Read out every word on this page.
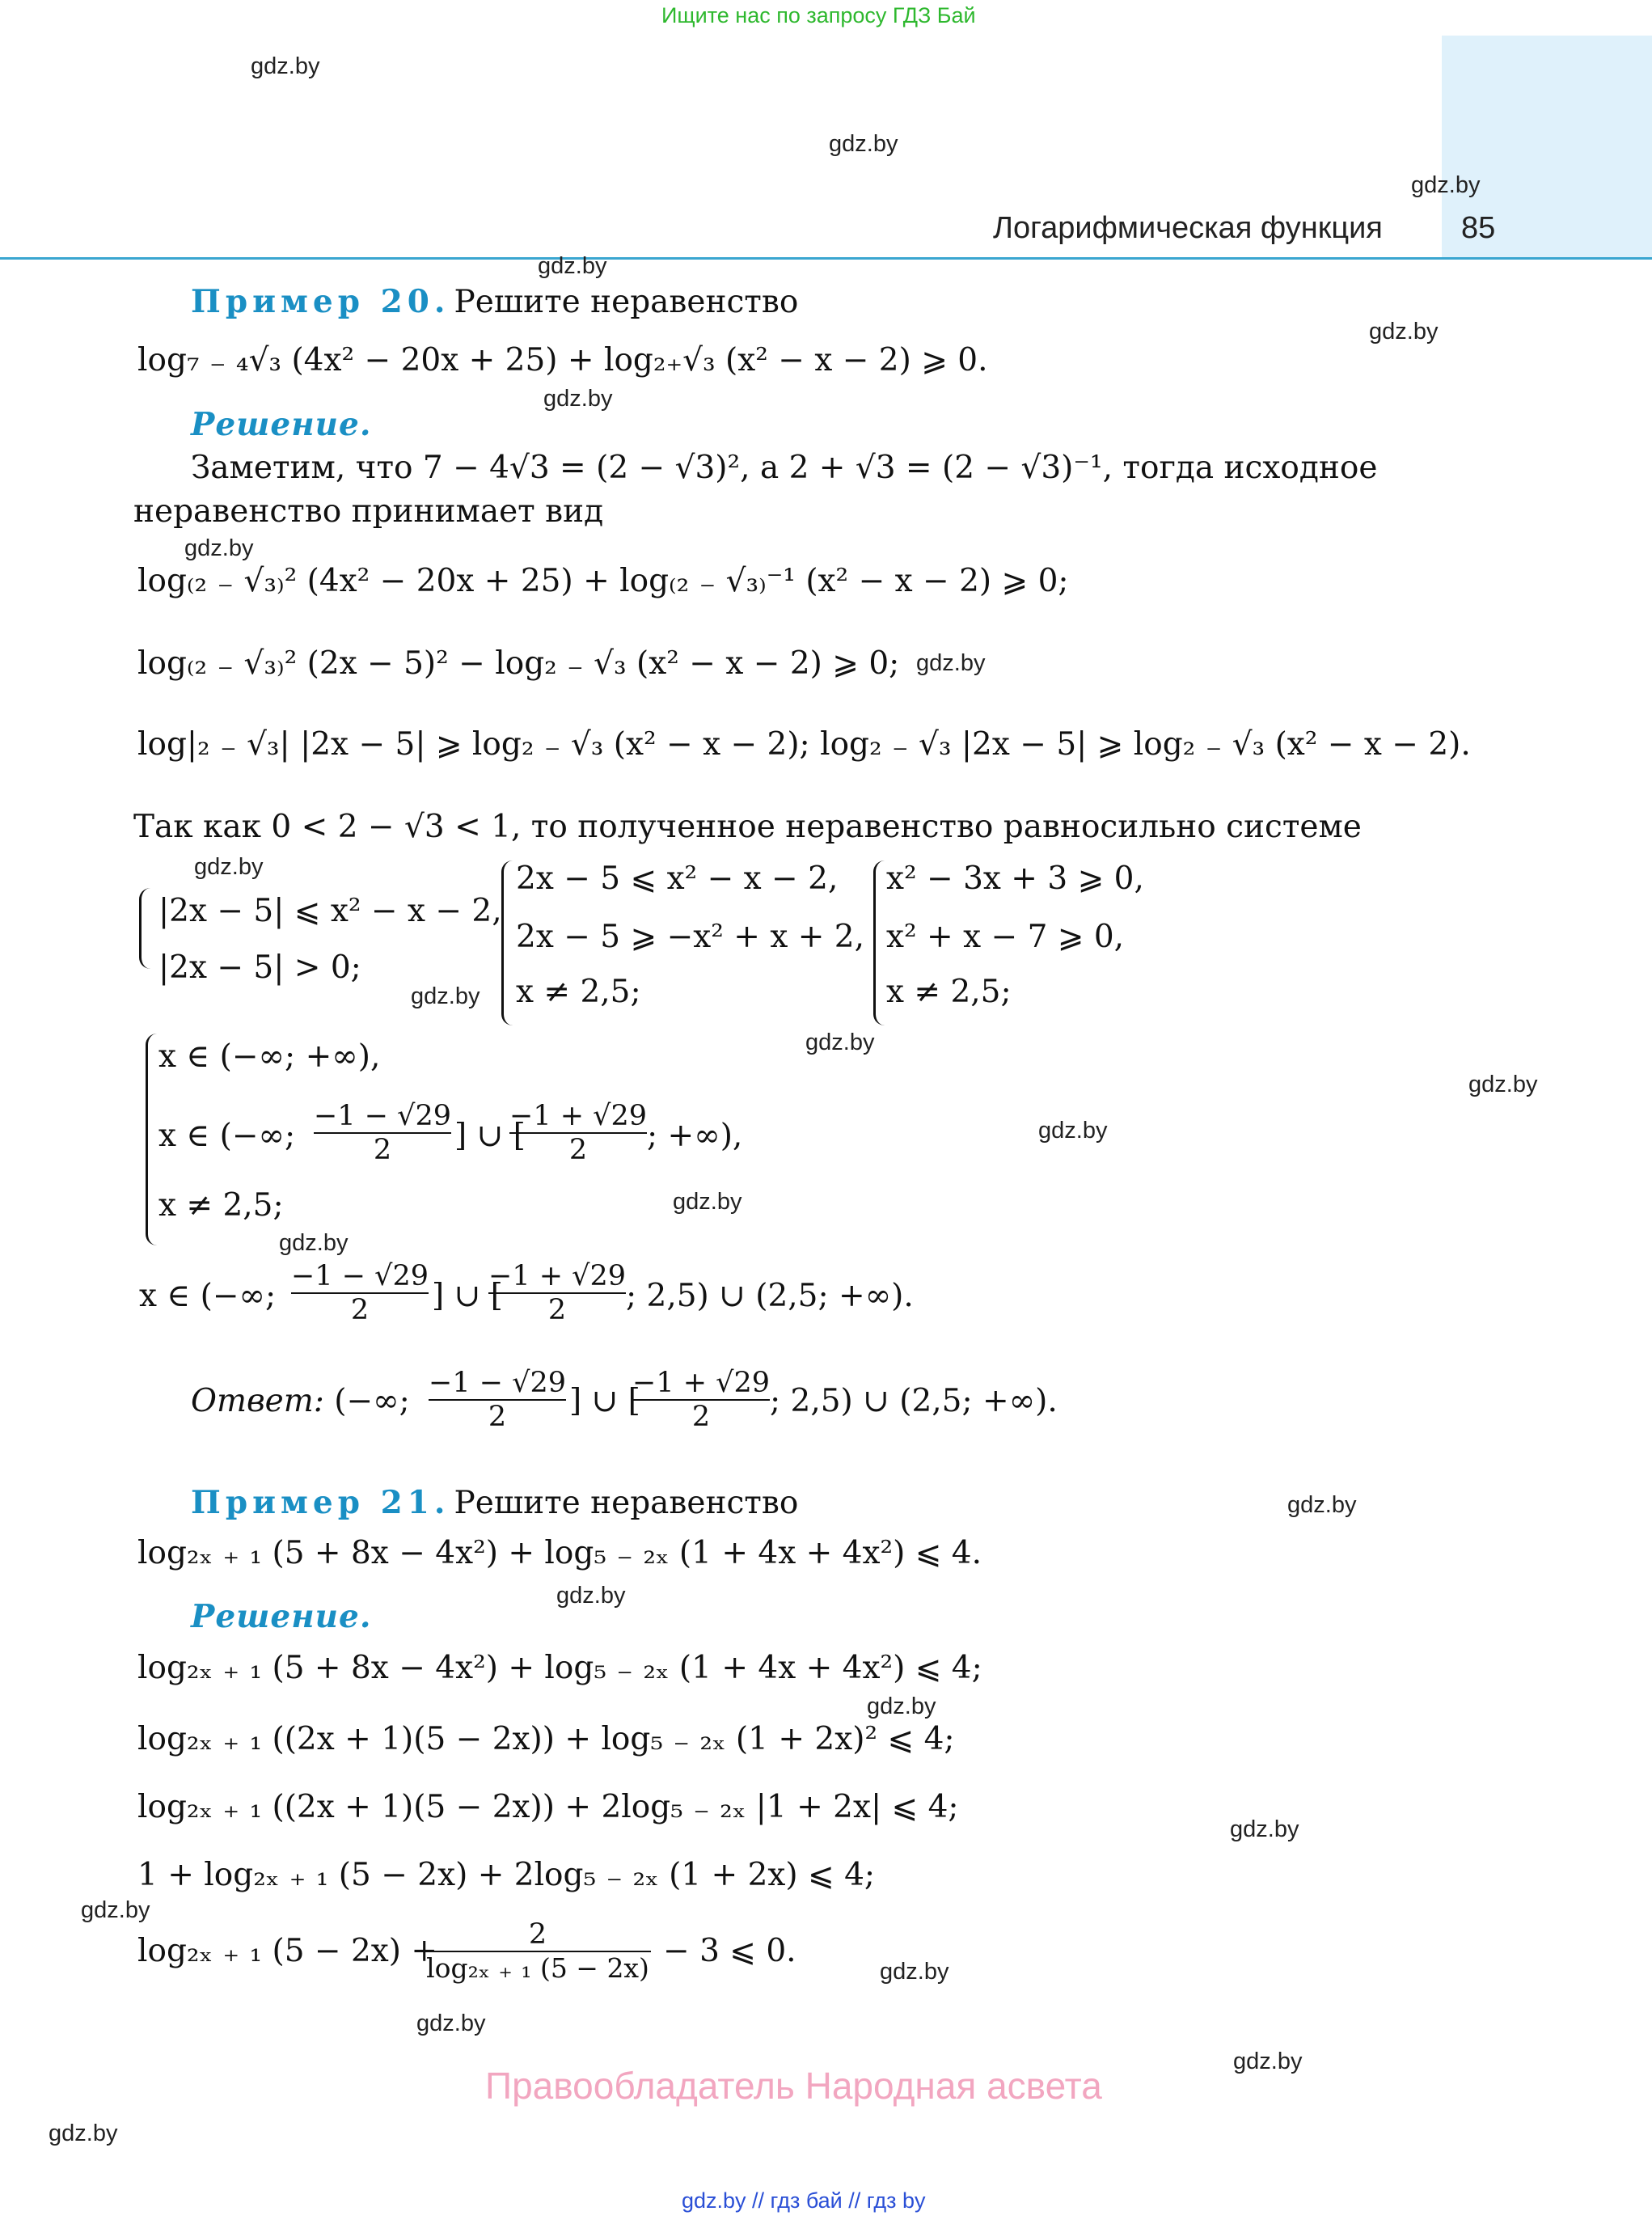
Ищите нас по запросу ГДЗ Бай
Логарифмическая функция	85
gdz.by
gdz.by
gdz.by
gdz.by
gdz.by
gdz.by
gdz.by
gdz.by
gdz.by
gdz.by
gdz.by
gdz.by
gdz.by
gdz.by
gdz.by
gdz.by
gdz.by
gdz.by
gdz.by
gdz.by
gdz.by
gdz.by
gdz.by
gdz.by
Пример 20. Решите неравенство
log₇ ₋ ₄√₃ (4x² − 20x + 25) + log₂₊√₃ (x² − x − 2) ⩾ 0.
Решение.
Заметим, что 7 − 4√3 = (2 − √3)², а 2 + √3 = (2 − √3)⁻¹, тогда исходное
неравенство принимает вид
log₍₂ ₋ √₃₎² (4x² − 20x + 25) + log₍₂ ₋ √₃₎⁻¹ (x² − x − 2) ⩾ 0;
log₍₂ ₋ √₃₎² (2x − 5)² − log₂ ₋ √₃ (x² − x − 2) ⩾ 0;
log|₂ ₋ √₃| |2x − 5| ⩾ log₂ ₋ √₃ (x² − x − 2); log₂ ₋ √₃ |2x − 5| ⩾ log₂ ₋ √₃ (x² − x − 2).
Так как 0 < 2 − √3 < 1, то полученное неравенство равносильно системе
|2x − 5| ⩽ x² − x − 2,
|2x − 5| > 0;
2x − 5 ⩽ x² − x − 2,
2x − 5 ⩾ −x² + x + 2,
x ≠ 2,5;
x² − 3x + 3 ⩾ 0,
x² + x − 7 ⩾ 0,
x ≠ 2,5;
x ∈ (−∞; +∞),
x ∈ (−∞; $\frac{-1 - √29}{2}$ ] ∪ [
$\frac{-1 + √29}{2}$ ; +∞),
x ≠ 2,5;
x ∈ (−∞; $\frac{-1 - √29}{2}$ ] ∪ [
$\frac{-1 + √29}{2}$ ; 2,5) ∪ (2,5; +∞).
Ответ: (−∞; $\frac{-1 - √29}{2}$ ] ∪ [
$\frac{-1 + √29}{2}$ ; 2,5) ∪ (2,5; +∞).
Пример 21. Решите неравенство
log₂ₓ ₊ ₁ (5 + 8x − 4x²) + log₅ ₋ ₂ₓ (1 + 4x + 4x²) ⩽ 4.
Решение.
log₂ₓ ₊ ₁ (5 + 8x − 4x²) + log₅ ₋ ₂ₓ (1 + 4x + 4x²) ⩽ 4;
log₂ₓ ₊ ₁ ((2x + 1)(5 − 2x)) + log₅ ₋ ₂ₓ (1 + 2x)² ⩽ 4;
log₂ₓ ₊ ₁ ((2x + 1)(5 − 2x)) + 2log₅ ₋ ₂ₓ |1 + 2x| ⩽ 4;
1 + log₂ₓ ₊ ₁ (5 − 2x) + 2log₅ ₋ ₂ₓ (1 + 2x) ⩽ 4;
log₂ₓ ₊ ₁ (5 − 2x) +
$\frac{2}{\text{log₂ₓ ₊ ₁ (5 − 2x)}} - 3$ ⩽ 0.
Правообладатель Народная асвета
gdz.by // гдз бай // гдз by
